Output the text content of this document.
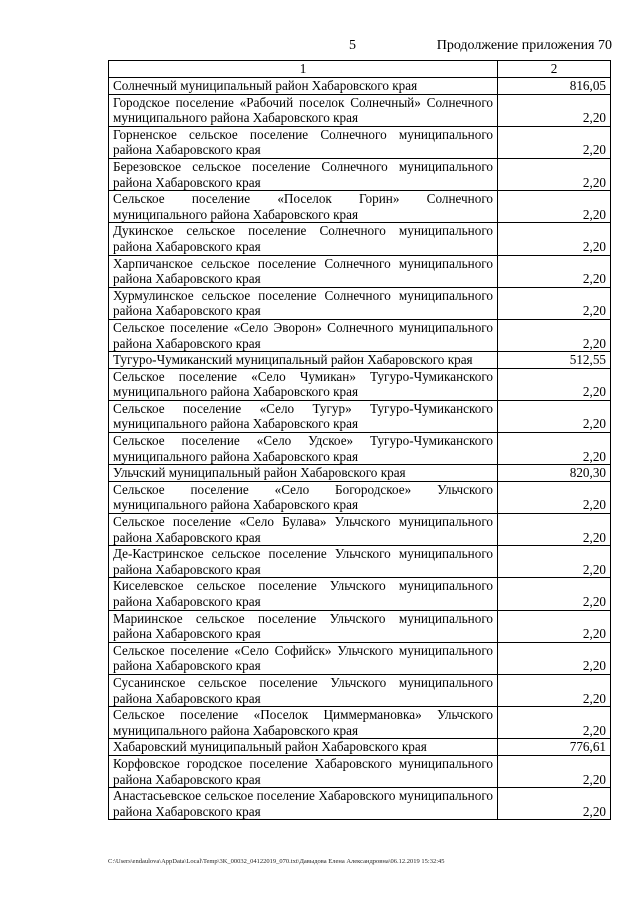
5	Продолжение приложения 70
1	2
Солнечный муниципальный район Хабаровского края	816,05
Городское поселение «Рабочий поселок Солнечный» Солнечного муниципального района Хабаровского края	2,20
Горненское сельское поселение Солнечного муниципального района Хабаровского края	2,20
Березовское сельское поселение Солнечного муниципального района Хабаровского края	2,20
Сельское поселение «Поселок Горин» Солнечного муниципального района Хабаровского края	2,20
Дукинское сельское поселение Солнечного муниципального района Хабаровского края	2,20
Харпичанское сельское поселение Солнечного муниципального района Хабаровского края	2,20
Хурмулинское сельское поселение Солнечного муниципального района Хабаровского края	2,20
Сельское поселение «Село Эворон» Солнечного муниципального района Хабаровского края	2,20
Тугуро-Чумиканский муниципальный район Хабаровского края	512,55
Сельское поселение «Село Чумикан» Тугуро-Чумиканского муниципального района Хабаровского края	2,20
Сельское поселение «Село Тугур» Тугуро-Чумиканского муниципального района Хабаровского края	2,20
Сельское поселение «Село Удское» Тугуро-Чумиканского муниципального района Хабаровского края	2,20
Ульчский муниципальный район Хабаровского края	820,30
Сельское поселение «Село Богородское» Ульчского муниципального района Хабаровского края	2,20
Сельское поселение «Село Булава» Ульчского муниципального района Хабаровского края	2,20
Де-Кастринское сельское поселение Ульчского муниципального района Хабаровского края	2,20
Киселевское сельское поселение Ульчского муниципального района Хабаровского края	2,20
Мариинское сельское поселение Ульчского муниципального района Хабаровского края	2,20
Сельское поселение «Село Софийск» Ульчского муниципального района Хабаровского края	2,20
Сусанинское сельское поселение Ульчского муниципального района Хабаровского края	2,20
Сельское поселение «Поселок Циммермановка» Ульчского муниципального района Хабаровского края	2,20
Хабаровский муниципальный район Хабаровского края	776,61
Корфовское городское поселение Хабаровского муниципального района Хабаровского края	2,20
Анастасьевское сельское поселение Хабаровского муниципального района Хабаровского края	2,20
C:\Users\endaulova\AppData\Local\Temp\3K_00032_04122019_070.txt\Давыдова Елена Александровна\06.12.2019 15:32:45
